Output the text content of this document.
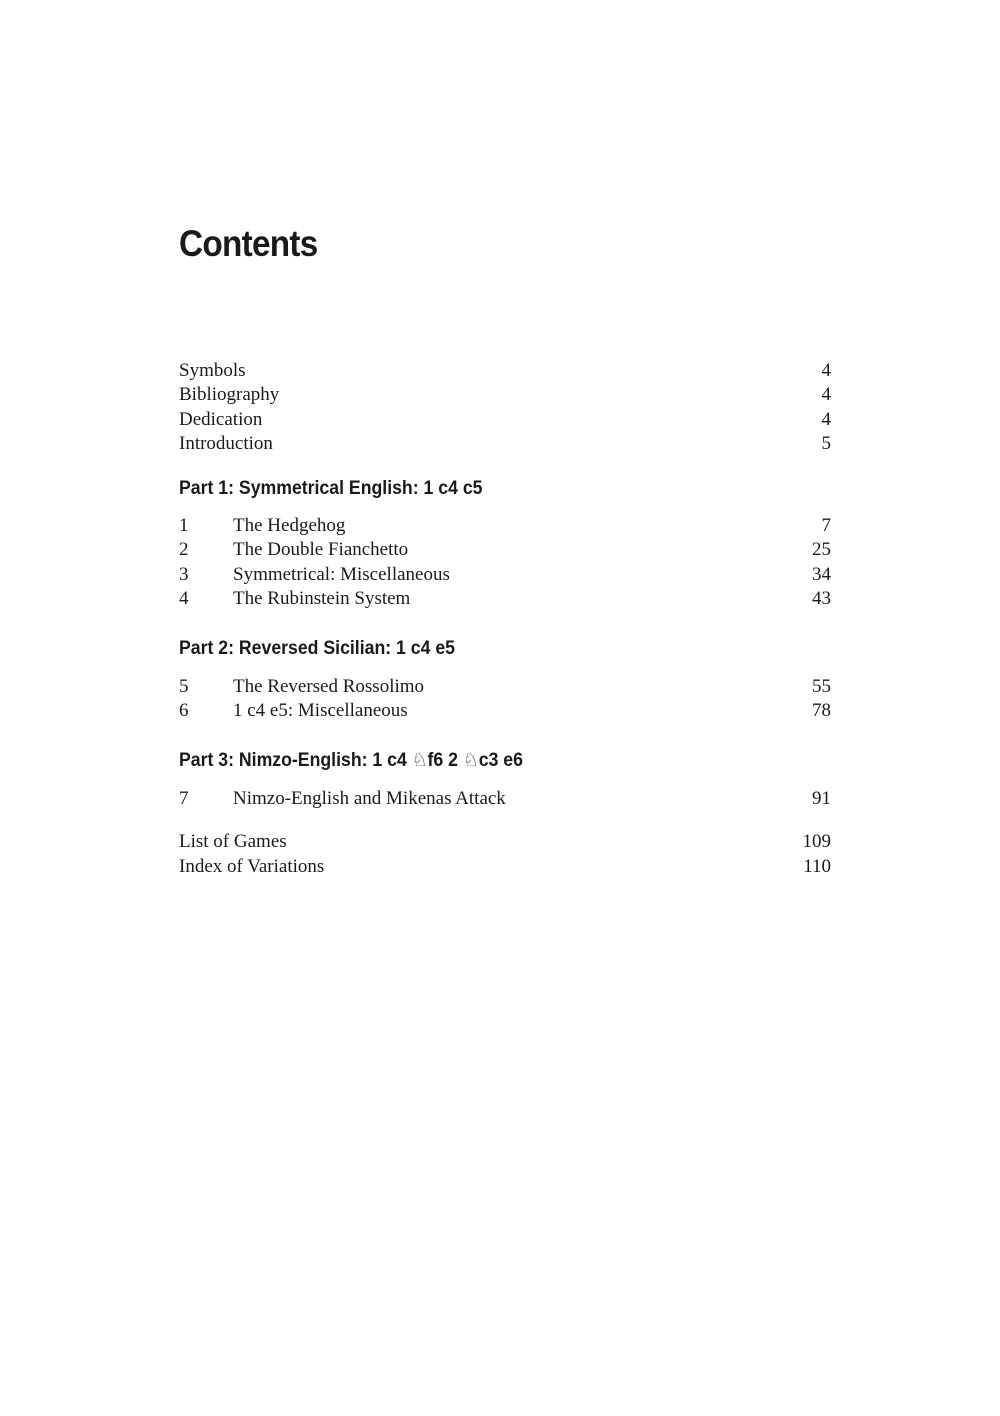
Contents
Symbols	4
Bibliography	4
Dedication	4
Introduction	5
Part 1: Symmetrical English: 1 c4 c5
1 The Hedgehog	7
2 The Double Fianchetto	25
3 Symmetrical: Miscellaneous	34
4 The Rubinstein System	43
Part 2: Reversed Sicilian: 1 c4 e5
5 The Reversed Rossolimo	55
6 1 c4 e5: Miscellaneous	78
Part 3: Nimzo-English: 1 c4 ♘f6 2 ♘c3 e6
7 Nimzo-English and Mikenas Attack	91
List of Games	109
Index of Variations	110
